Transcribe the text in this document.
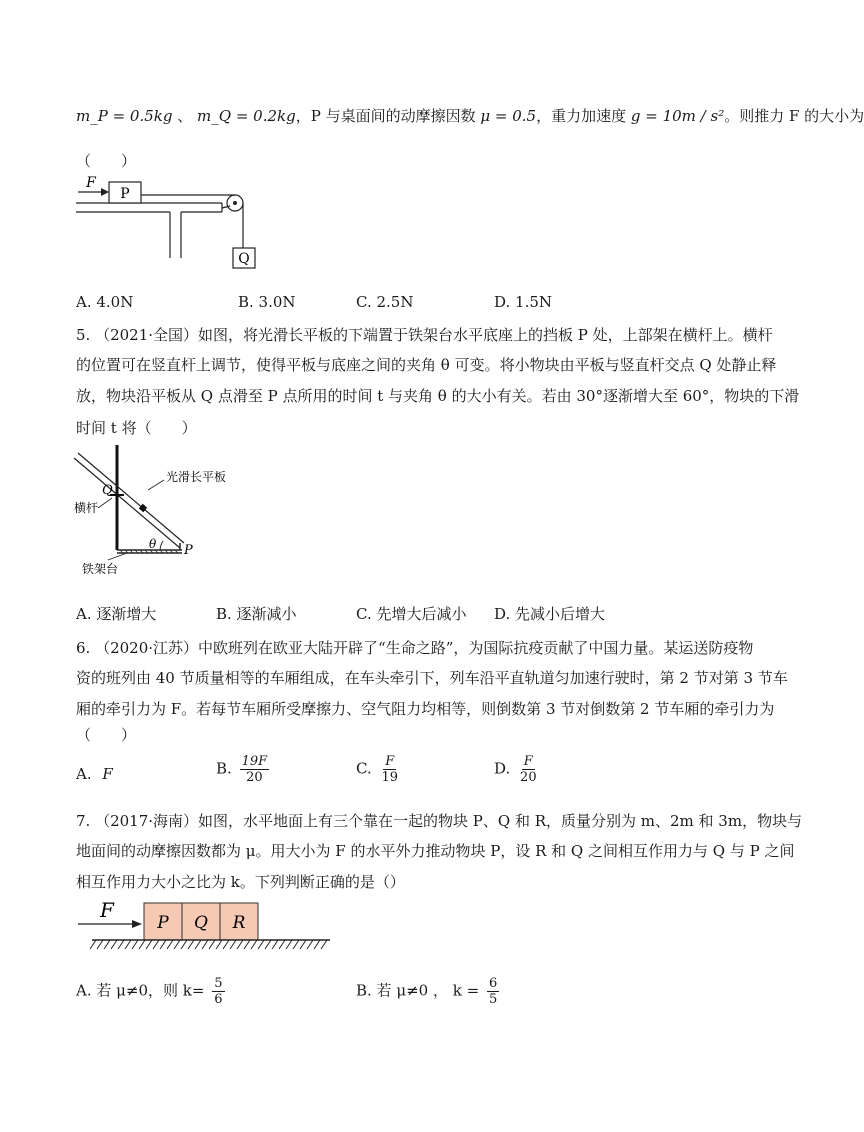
m_P = 0.5kg 、 m_Q = 0.2kg，P 与桌面间的动摩擦因数 μ = 0.5，重力加速度 g = 10m / s²。则推力 F 的大小为
（　　）
P
F
Q
A. 4.0N	B. 3.0N	C. 2.5N	D. 1.5N
5. （2021·全国）如图，将光滑长平板的下端置于铁架台水平底座上的挡板 P 处，上部架在横杆上。横杆
的位置可在竖直杆上调节，使得平板与底座之间的夹角 θ 可变。将小物块由平板与竖直杆交点 Q 处静止释
放，物块沿平板从 Q 点滑至 P 点所用的时间 t 与夹角 θ 的大小有关。若由 30°逐渐增大至 60°，物块的下滑
时间 t 将（　　）
θ P
Q
光滑长平板
横杆
铁架台
A. 逐渐增大	B. 逐渐减小	C. 先增大后减小 D. 先减小后增大
6. （2020·江苏）中欧班列在欧亚大陆开辟了“生命之路”，为国际抗疫贡献了中国力量。某运送防疫物
资的班列由 40 节质量相等的车厢组成，在车头牵引下，列车沿平直轨道匀加速行驶时，第 2 节对第 3 节车
厢的牵引力为 F。若每节车厢所受摩擦力、空气阻力均相等，则倒数第 3 节对倒数第 2 节车厢的牵引力为
（　　）
A. F	B. $\frac{19F}{20}$	C. $\frac{F}{19}$	D. $\frac{F}{20}$
7. （2017·海南）如图，水平地面上有三个靠在一起的物块 P、Q 和 R，质量分别为 m、2m 和 3m，物块与
地面间的动摩擦因数都为 μ。用大小为 F 的水平外力推动物块 P，设 R 和 Q 之间相互作用力与 Q 与 P 之间
相互作用力大小之比为 k。下列判断正确的是（）
F
P Q R
A. 若 μ≠0，则 $k= \frac{5}{6}$	B. 若 μ≠0 ， $k = \frac{6}{5}$
